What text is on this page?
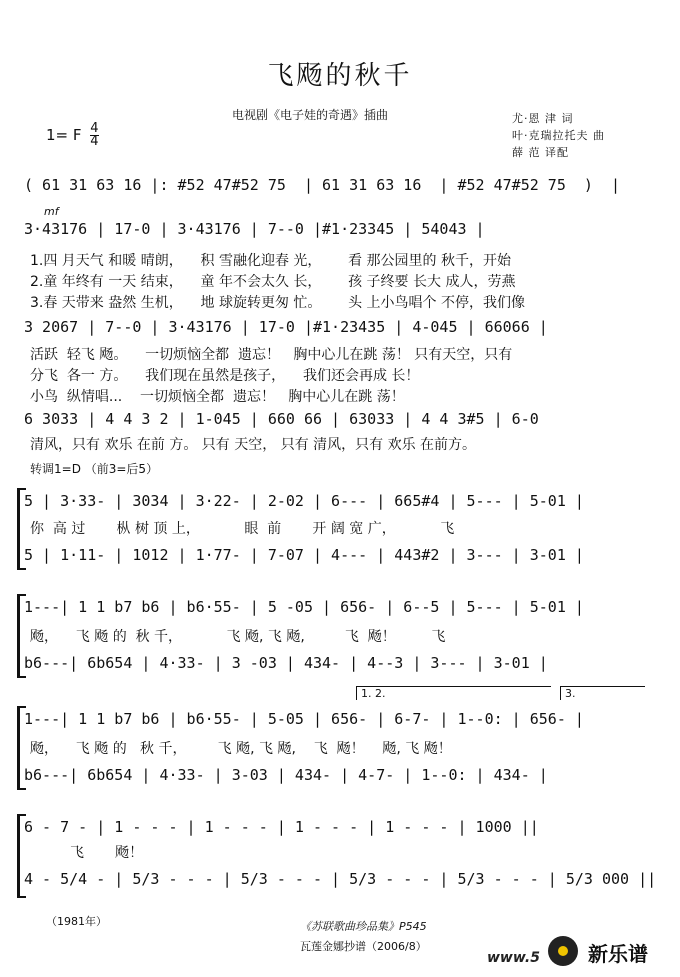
飞飏的秋千
电视剧《电子娃的奇遇》插曲	尤·恩 津 词
叶·克瑞拉托夫 曲
薛 范 译配
1= F $\frac{4}{4}$
( 61 31 63 16 |: #52 47#52 75  | 61 31 63 16  | #52 47#52 75  )  |
mf
3·43176 | 17-0 | 3·43176 | 7--0 |#1·23345 | 54043 |
1.四 月天气 和暖 晴朗，    积 雪融化迎春 光，      看 那公园里的 秋千，开始
2.童 年终有 一天 结束，    童 年不会太久 长，      孩 子终要 长大 成人，劳燕
3.春 天带来 盎然 生机，    地 球旋转更匆 忙。      头 上小鸟唱个 不停，我们像
3 2067 | 7--0 | 3·43176 | 17-0 |#1·23435 | 4-045 | 66066 |
活跃  轻飞 飏。    一切烦恼全都  遗忘！   胸中心儿在跳 荡！ 只有天空，只有
分飞  各一 方。    我们现在虽然是孩子，    我们还会再成 长！
小鸟  纵情唱...    一切烦恼全都  遗忘！   胸中心儿在跳 荡！
6 3033 | 4 4 3 2 | 1-045 | 660 66 | 63033 | 4 4 3#5 | 6-0
清风，只有 欢乐 在前 方。 只有 天空， 只有 清风，只有 欢乐 在前方。
转调1=D （前3=后5）
5 | 3·33- | 3034 | 3·22- | 2-02 | 6--- | 665#4 | 5--- | 5-01 |
你  高 过       枞 树 顶 上，          眼  前       开 阔 宽 广，          飞
5 | 1·11- | 1012 | 1·77- | 7-07 | 4--- | 443#2 | 3--- | 3-01 |
1---| 1 1 b7 b6 | b6·55- | 5 -05 | 656- | 6--5 | 5--- | 5-01 |
飏，    飞 飏 的  秋 千，          飞 飏, 飞 飏,         飞  飏！        飞
b6---| 6b654 | 4·33- | 3 -03 | 434- | 4--3 | 3--- | 3-01 |
1. 2.	3.
1---| 1 1 b7 b6 | b6·55- | 5-05 | 656- | 6-7- | 1--0: | 656- |
飏，    飞 飏 的   秋 千，       飞 飏, 飞 飏,    飞  飏！    飏, 飞 飏！
b6---| 6b654 | 4·33- | 3-03 | 434- | 4-7- | 1--0: | 434- |
6 - 7 - | 1 - - - | 1 - - - | 1 - - - | 1 - - - | 1000 ||
飞       飏！
4 - 5/4 - | 5/3 - - - | 5/3 - - - | 5/3 - - - | 5/3 - - - | 5/3 000 ||
（1981年）	《苏联歌曲珍品集》P545
瓦莲金娜抄谱（2006/8）
www.5 新乐谱
